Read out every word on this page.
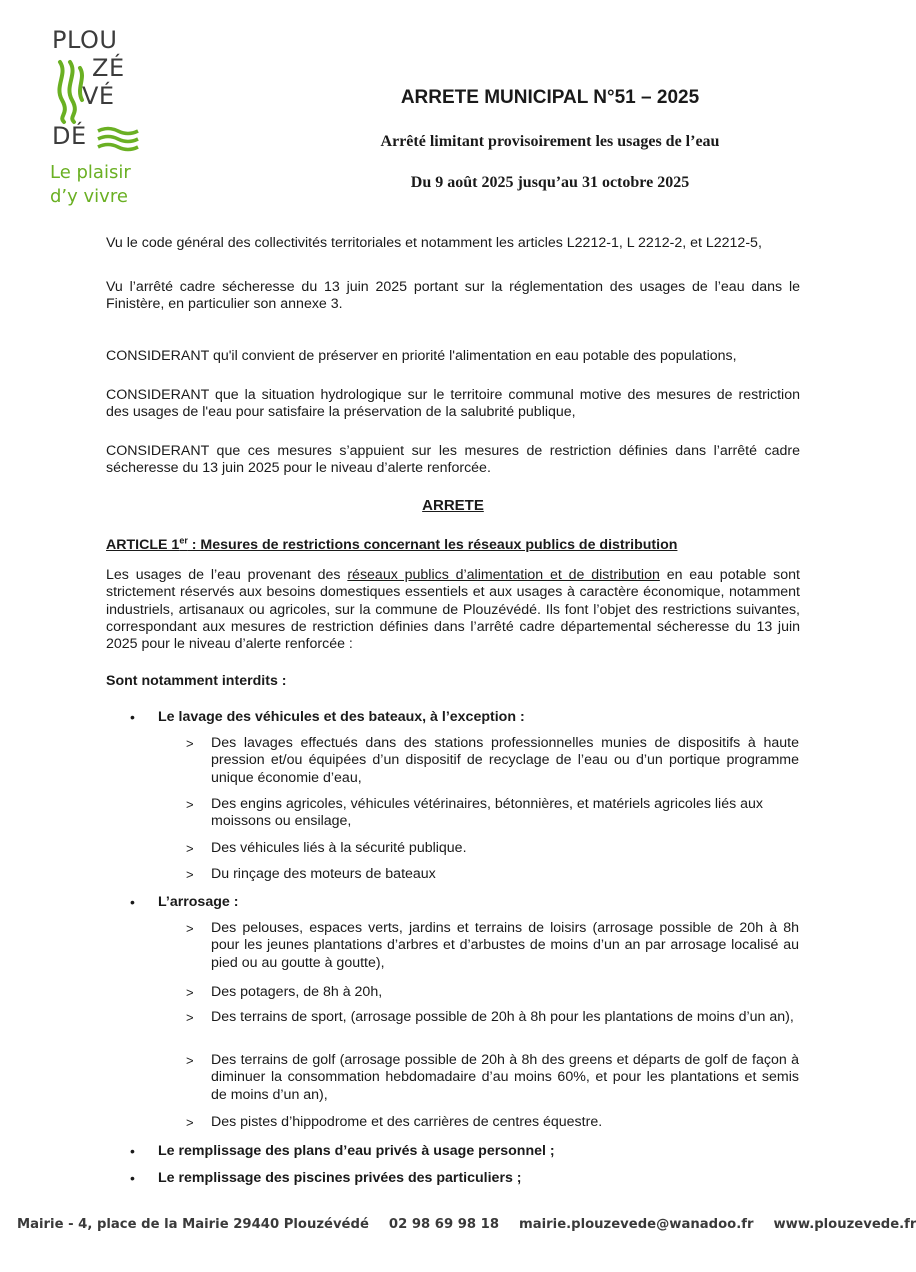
PLOU
ZÉ
VÉ
DÉ
Le plaisir
d’y vivre
ARRETE MUNICIPAL N°51 – 2025
Arrêté limitant provisoirement les usages de l’eau
Du 9 août 2025 jusqu’au 31 octobre 2025

Vu le code général des collectivités territoriales et notamment les articles L2212-1, L 2212-2, et L2212-5,

Vu l’arrêté cadre sécheresse du 13 juin 2025 portant sur la réglementation des usages de l’eau dans le Finistère, en particulier son annexe 3.

CONSIDERANT qu'il convient de préserver en priorité l'alimentation en eau potable des populations,

CONSIDERANT que la situation hydrologique sur le territoire communal motive des mesures de restriction des usages de l'eau pour satisfaire la préservation de la salubrité publique,

CONSIDERANT que ces mesures s’appuient sur les mesures de restriction définies dans l’arrêté cadre sécheresse du 13 juin 2025 pour le niveau d’alerte renforcée.

ARRETE
ARTICLE 1er : Mesures de restrictions concernant les réseaux publics de distribution

Les usages de l’eau provenant des réseaux publics d’alimentation et de distribution en eau potable sont strictement réservés aux besoins domestiques essentiels et aux usages à caractère économique, notamment industriels, artisanaux ou agricoles, sur la commune de Plouzévédé. Ils font l’objet des restrictions suivantes, correspondant aux mesures de restriction définies dans l’arrêté cadre départemental sécheresse du 13 juin 2025 pour le niveau d’alerte renforcée :

Sont notamment interdits :
• Le lavage des véhicules et des bateaux, à l’exception :
> Des lavages effectués dans des stations professionnelles munies de dispositifs à haute pression et/ou équipées d’un dispositif de recyclage de l’eau ou d’un portique programme unique économie d’eau,

> Des engins agricoles, véhicules vétérinaires, bétonnières, et matériels agricoles liés aux moissons ou ensilage,

> Des véhicules liés à la sécurité publique.

> Du rinçage des moteurs de bateaux

• L’arrosage :
> Des pelouses, espaces verts, jardins et terrains de loisirs (arrosage possible de 20h à 8h pour les jeunes plantations d’arbres et d’arbustes de moins d’un an par arrosage localisé au pied ou au goutte à goutte),

> Des potagers, de 8h à 20h,

> Des terrains de sport, (arrosage possible de 20h à 8h pour les plantations de moins d’un an),

> Des terrains de golf (arrosage possible de 20h à 8h des greens et départs de golf de façon à diminuer la consommation hebdomadaire d’au moins 60%, et pour les plantations et semis de moins d’un an),

> Des pistes d’hippodrome et des carrières de centres équestre.

• Le remplissage des plans d’eau privés à usage personnel ;
• Le remplissage des piscines privées des particuliers ;
Mairie - 4, place de la Mairie 29440 Plouzévédé 02 98 69 98 18 mairie.plouzevede@wanadoo.fr www.plouzevede.fr
